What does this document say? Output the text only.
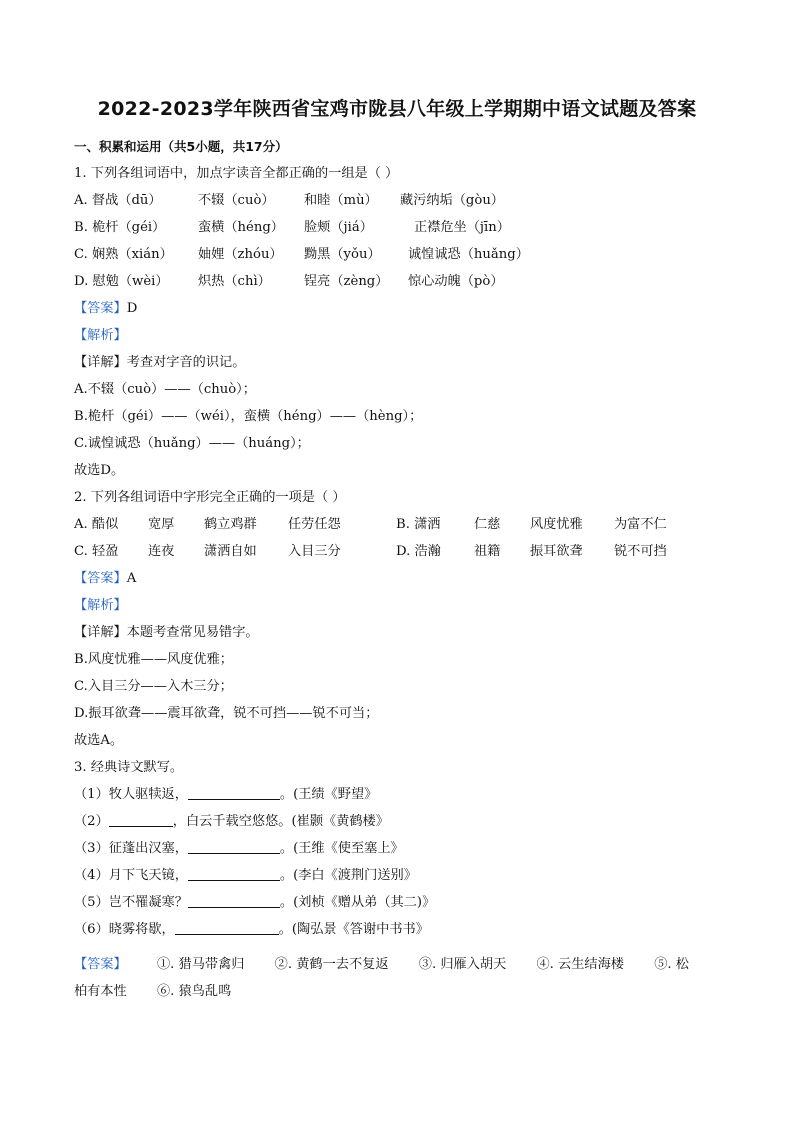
2022-2023学年陕西省宝鸡市陇县八年级上学期期中语文试题及答案
一、积累和运用（共5小题，共17分）
1. 下列各组词语中，加点字读音全都正确的一组是（ ）
A. 督战（dū）	不辍（cuò） 和睦（mù） 藏污纳垢（gòu）
B. 桅杆（géi） 蛮横（héng） 脸颊（jiá）	正襟危坐（jīn）
C. 娴熟（xián） 妯娌（zhóu） 黝黑（yǒu） 诚惶诚恐（huǎng）
D. 慰勉（wèi） 炽热（chì）	锃亮（zèng） 惊心动魄（pò）
【答案】D
【解析】
【详解】考查对字音的识记。
A.不辍（cuò）——（chuò）；
B.桅杆（géi）——（wéi），蛮横（héng）——（hèng）；
C.诚惶诚恐（huǎng）——（huáng）；
故选D。
2. 下列各组词语中字形完全正确的一项是（ ）
A. 酷似 宽厚 鹤立鸡群 任劳任怨	B. 潇洒	仁慈 风度忧雅 为富不仁
C. 轻盈 连夜 潇洒自如 入目三分	D. 浩瀚	祖籍 振耳欲聋 锐不可挡
【答案】A
【解析】
【详解】本题考查常见易错字。
B.风度忧雅——风度优雅；
C.入目三分——入木三分；
D.振耳欲聋——震耳欲聋，锐不可挡——锐不可当；
故选A。
3. 经典诗文默写。
（1）牧人驱犊返，	。(王绩《野望》
（2）	，白云千载空悠悠。(崔颢《黄鹤楼》
（3）征蓬出汉塞，	。(王维《使至塞上》
（4）月下飞天镜，	。(李白《渡荆门送别》
（5）岂不罹凝寒？	。(刘桢《赠从弟（其二)》
（6）晓雾将歇，	。(陶弘景《答谢中书书》
【答案】 ①. 猎马带禽归 ②. 黄鹤一去不复返 ③. 归雁入胡天 ④. 云生结海楼 ⑤. 松
柏有本性 ⑥. 猿鸟乱鸣
